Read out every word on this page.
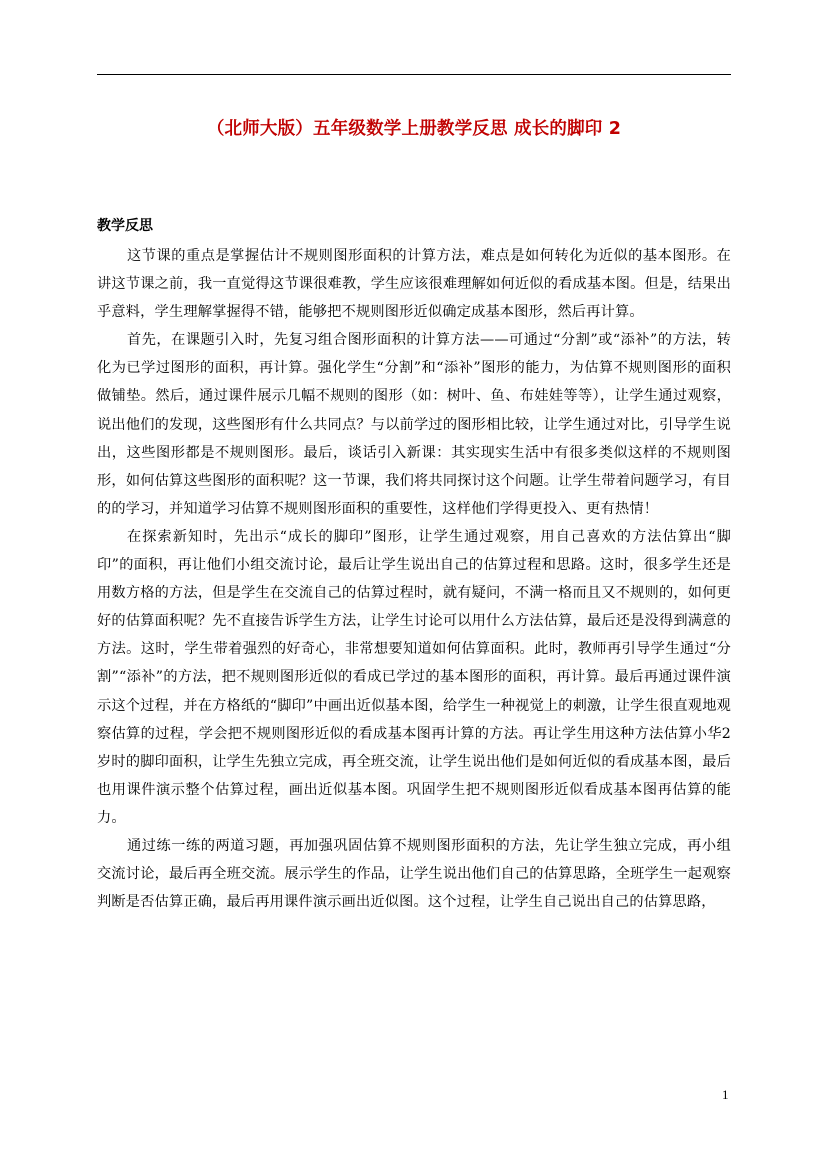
（北师大版）五年级数学上册教学反思 成长的脚印 2
教学反思

这节课的重点是掌握估计不规则图形面积的计算方法，难点是如何转化为近似的基本图形。在讲这节课之前，我一直觉得这节课很难教，学生应该很难理解如何近似的看成基本图。但是，结果出乎意料，学生理解掌握得不错，能够把不规则图形近似确定成基本图形，然后再计算。

首先，在课题引入时，先复习组合图形面积的计算方法——可通过“分割”或“添补”的方法，转化为已学过图形的面积，再计算。强化学生“分割”和“添补”图形的能力，为估算不规则图形的面积做铺垫。然后，通过课件展示几幅不规则的图形（如：树叶、鱼、布娃娃等等），让学生通过观察，说出他们的发现，这些图形有什么共同点？与以前学过的图形相比较，让学生通过对比，引导学生说出，这些图形都是不规则图形。最后，谈话引入新课：其实现实生活中有很多类似这样的不规则图形，如何估算这些图形的面积呢？这一节课，我们将共同探讨这个问题。让学生带着问题学习，有目的的学习，并知道学习估算不规则图形面积的重要性，这样他们学得更投入、更有热情！

在探索新知时，先出示“成长的脚印”图形，让学生通过观察，用自己喜欢的方法估算出“脚印”的面积，再让他们小组交流讨论，最后让学生说出自己的估算过程和思路。这时，很多学生还是用数方格的方法，但是学生在交流自己的估算过程时，就有疑问，不满一格而且又不规则的，如何更好的估算面积呢？先不直接告诉学生方法，让学生讨论可以用什么方法估算，最后还是没得到满意的方法。这时，学生带着强烈的好奇心，非常想要知道如何估算面积。此时，教师再引导学生通过“分割”“添补”的方法，把不规则图形近似的看成已学过的基本图形的面积，再计算。最后再通过课件演示这个过程，并在方格纸的“脚印”中画出近似基本图，给学生一种视觉上的刺激，让学生很直观地观察估算的过程，学会把不规则图形近似的看成基本图再计算的方法。再让学生用这种方法估算小华2岁时的脚印面积，让学生先独立完成，再全班交流，让学生说出他们是如何近似的看成基本图，最后也用课件演示整个估算过程，画出近似基本图。巩固学生把不规则图形近似看成基本图再估算的能力。

通过练一练的两道习题，再加强巩固估算不规则图形面积的方法，先让学生独立完成，再小组交流讨论，最后再全班交流。展示学生的作品，让学生说出他们自己的估算思路，全班学生一起观察判断是否估算正确，最后再用课件演示画出近似图。这个过程，让学生自己说出自己的估算思路，

1
